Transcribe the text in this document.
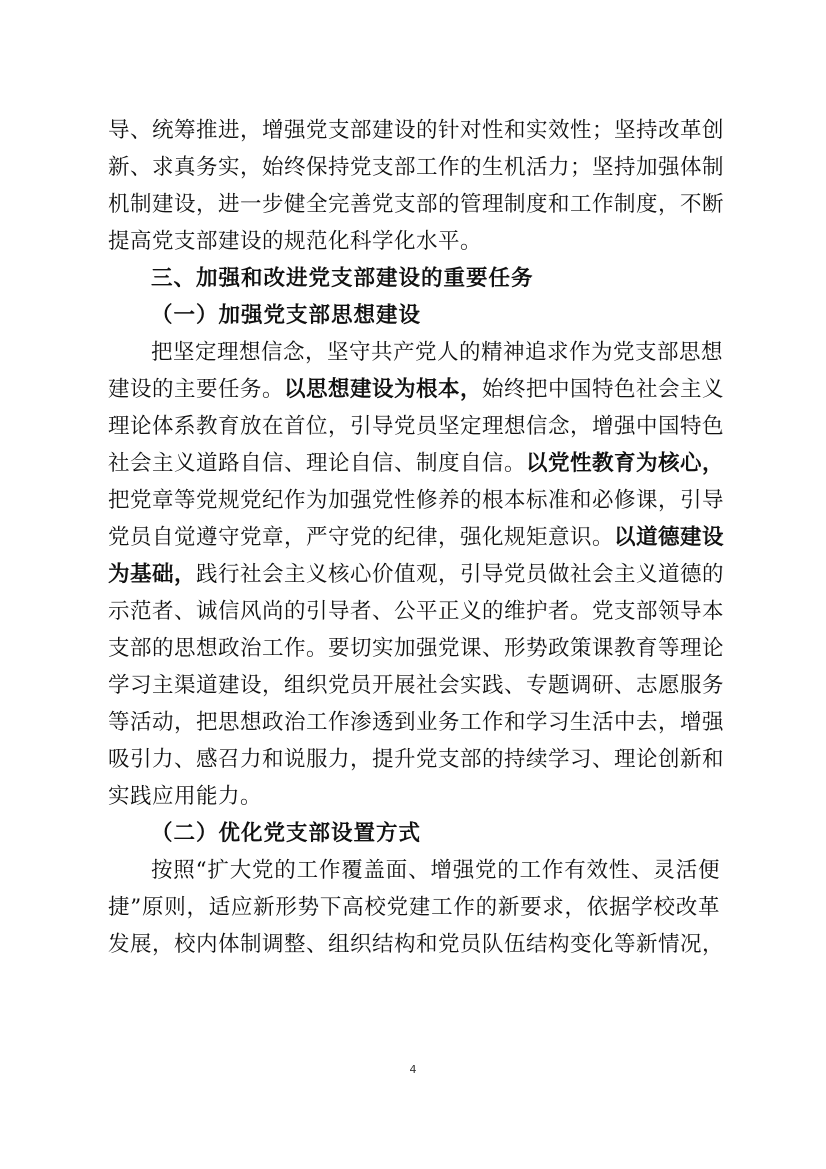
导、统筹推进，增强党支部建设的针对性和实效性；坚持改革创
新、求真务实，始终保持党支部工作的生机活力；坚持加强体制
机制建设，进一步健全完善党支部的管理制度和工作制度，不断
提高党支部建设的规范化科学化水平。
三、加强和改进党支部建设的重要任务
（一）加强党支部思想建设
把坚定理想信念，坚守共产党人的精神追求作为党支部思想
建设的主要任务。以思想建设为根本，始终把中国特色社会主义
理论体系教育放在首位，引导党员坚定理想信念，增强中国特色
社会主义道路自信、理论自信、制度自信。以党性教育为核心，
把党章等党规党纪作为加强党性修养的根本标准和必修课，引导
党员自觉遵守党章，严守党的纪律，强化规矩意识。以道德建设
为基础，践行社会主义核心价值观，引导党员做社会主义道德的
示范者、诚信风尚的引导者、公平正义的维护者。党支部领导本
支部的思想政治工作。要切实加强党课、形势政策课教育等理论
学习主渠道建设，组织党员开展社会实践、专题调研、志愿服务
等活动，把思想政治工作渗透到业务工作和学习生活中去，增强
吸引力、感召力和说服力，提升党支部的持续学习、理论创新和
实践应用能力。
（二）优化党支部设置方式
按照“扩大党的工作覆盖面、增强党的工作有效性、灵活便
捷”原则，适应新形势下高校党建工作的新要求，依据学校改革
发展，校内体制调整、组织结构和党员队伍结构变化等新情况，
4
